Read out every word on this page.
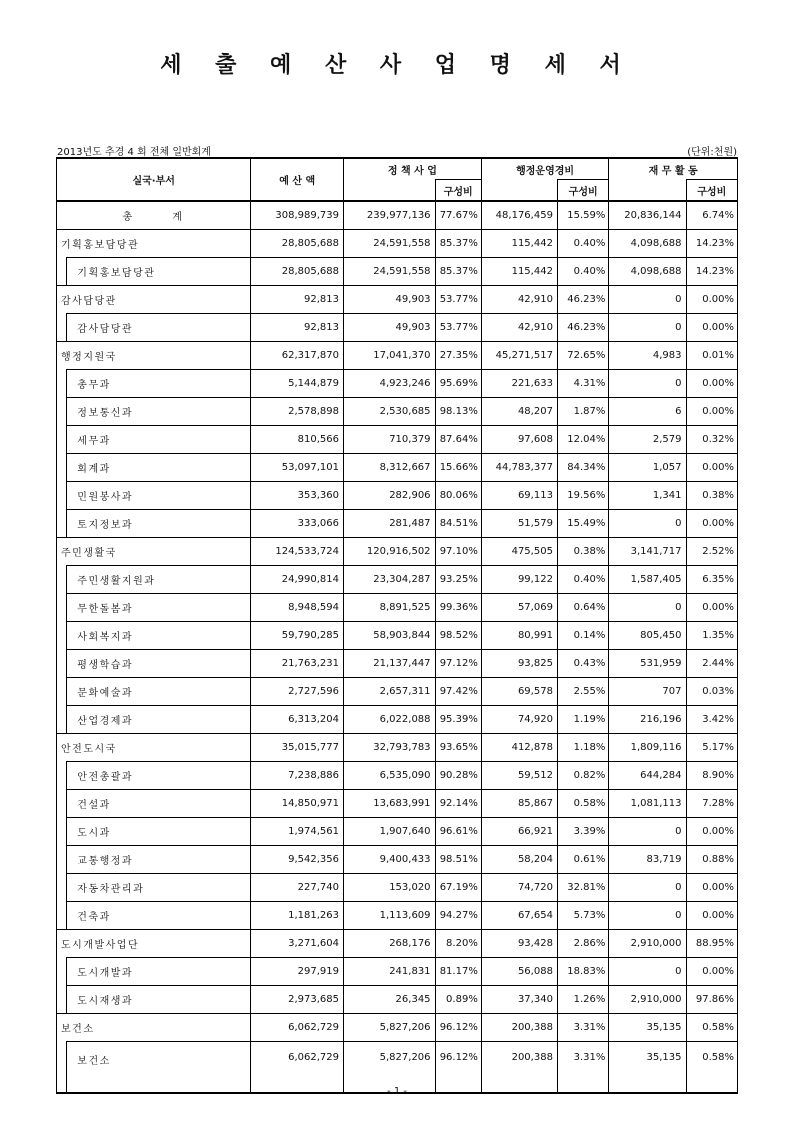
세 출 예 산 사 업 명 세 서
2013년도 추경 4 회 전체 일반회계	(단위:천원)
실국·부서		예 산 액	정 책 사 업		행정운영경비		재 무 활 동	
				구성비		구성비		구성비
총      계		308,989,739	239,977,136	77.67%	48,176,459	15.59%	20,836,144	6.74%
기획홍보담당관		28,805,688	24,591,558	85.37%	115,442	0.40%	4,098,688	14.23%
	기획홍보담당관	28,805,688	24,591,558	85.37%	115,442	0.40%	4,098,688	14.23%
감사담당관		92,813	49,903	53.77%	42,910	46.23%	0	0.00%
	감사담당관	92,813	49,903	53.77%	42,910	46.23%	0	0.00%
행정지원국		62,317,870	17,041,370	27.35%	45,271,517	72.65%	4,983	0.01%
	총무과	5,144,879	4,923,246	95.69%	221,633	4.31%	0	0.00%
	정보통신과	2,578,898	2,530,685	98.13%	48,207	1.87%	6	0.00%
	세무과	810,566	710,379	87.64%	97,608	12.04%	2,579	0.32%
	회계과	53,097,101	8,312,667	15.66%	44,783,377	84.34%	1,057	0.00%
	민원봉사과	353,360	282,906	80.06%	69,113	19.56%	1,341	0.38%
	토지정보과	333,066	281,487	84.51%	51,579	15.49%	0	0.00%
주민생활국		124,533,724	120,916,502	97.10%	475,505	0.38%	3,141,717	2.52%
	주민생활지원과	24,990,814	23,304,287	93.25%	99,122	0.40%	1,587,405	6.35%
	무한돌봄과	8,948,594	8,891,525	99.36%	57,069	0.64%	0	0.00%
	사회복지과	59,790,285	58,903,844	98.52%	80,991	0.14%	805,450	1.35%
	평생학습과	21,763,231	21,137,447	97.12%	93,825	0.43%	531,959	2.44%
	문화예술과	2,727,596	2,657,311	97.42%	69,578	2.55%	707	0.03%
	산업경제과	6,313,204	6,022,088	95.39%	74,920	1.19%	216,196	3.42%
안전도시국		35,015,777	32,793,783	93.65%	412,878	1.18%	1,809,116	5.17%
	안전총괄과	7,238,886	6,535,090	90.28%	59,512	0.82%	644,284	8.90%
	건설과	14,850,971	13,683,991	92.14%	85,867	0.58%	1,081,113	7.28%
	도시과	1,974,561	1,907,640	96.61%	66,921	3.39%	0	0.00%
	교통행정과	9,542,356	9,400,433	98.51%	58,204	0.61%	83,719	0.88%
	자동차관리과	227,740	153,020	67.19%	74,720	32.81%	0	0.00%
	건축과	1,181,263	1,113,609	94.27%	67,654	5.73%	0	0.00%
도시개발사업단		3,271,604	268,176	8.20%	93,428	2.86%	2,910,000	88.95%
	도시개발과	297,919	241,831	81.17%	56,088	18.83%	0	0.00%
	도시재생과	2,973,685	26,345	0.89%	37,340	1.26%	2,910,000	97.86%
보건소		6,062,729	5,827,206	96.12%	200,388	3.31%	35,135	0.58%
	보건소	6,062,729	5,827,206	96.12%	200,388	3.31%	35,135	0.58%
- 1 -
